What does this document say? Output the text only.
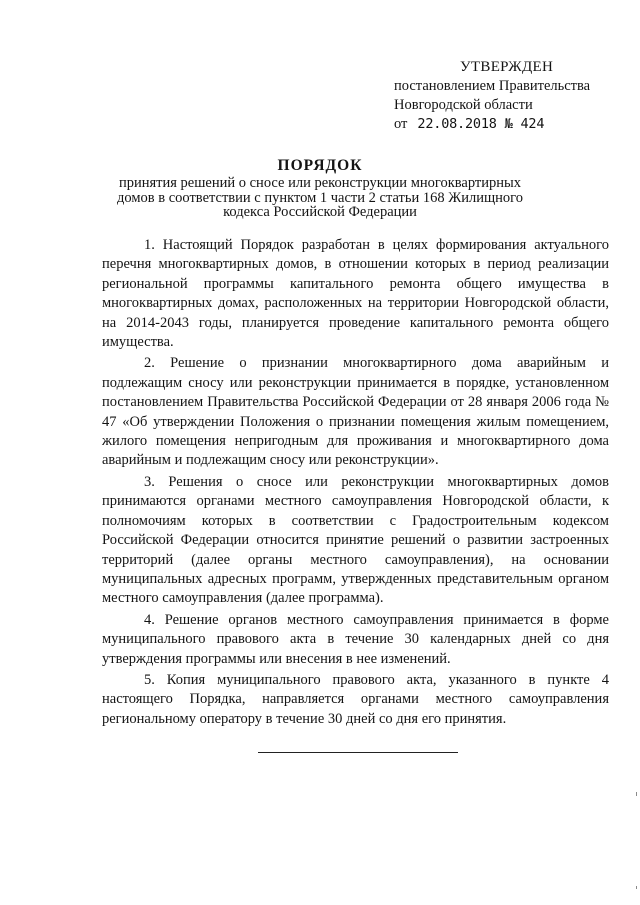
УТВЕРЖДЕН
постановлением Правительства
Новгородской области
от 22.08.2018 № 424
ПОРЯДОК

принятия решений о сносе или реконструкции многоквартирных домов в соответствии с пунктом 1 части 2 статьи 168 Жилищного кодекса Российской Федерации

1. Настоящий Порядок разработан в целях формирования актуального перечня многоквартирных домов, в отношении которых в период реализации региональной программы капитального ремонта общего имущества в многоквартирных домах, расположенных на территории Новгородской области, на 2014-2043 годы, планируется проведение капитального ремонта общего имущества.

2. Решение о признании многоквартирного дома аварийным и подлежащим сносу или реконструкции принимается в порядке, установленном постановлением Правительства Российской Федерации от 28 января 2006 года № 47 «Об утверждении Положения о признании помещения жилым помещением, жилого помещения непригодным для проживания и многоквартирного дома аварийным и подлежащим сносу или реконструкции».

3. Решения о сносе или реконструкции многоквартирных домов принимаются органами местного самоуправления Новгородской области, к полномочиям которых в соответствии с Градостроительным кодексом Российской Федерации относится принятие решений о развитии застроенных территорий (далее органы местного самоуправления), на основании муниципальных адресных программ, утвержденных представительным органом местного самоуправления (далее программа).

4. Решение органов местного самоуправления принимается в форме муниципального правового акта в течение 30 календарных дней со дня утверждения программы или внесения в нее изменений.

5. Копия муниципального правового акта, указанного в пункте 4 настоящего Порядка, направляется органами местного самоуправления региональному оператору в течение 30 дней со дня его принятия.
